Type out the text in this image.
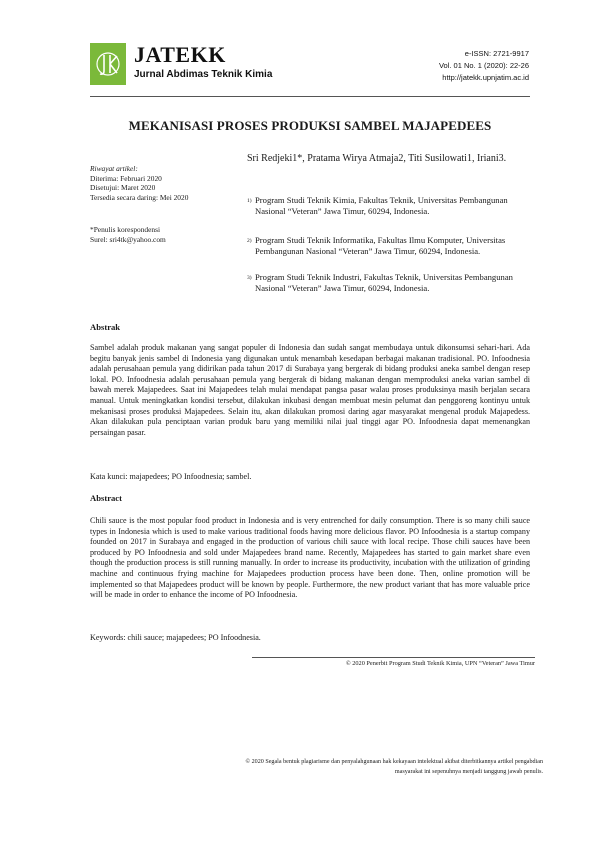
JATEKK
Jurnal Abdimas Teknik Kimia
e-ISSN: 2721-9917
Vol. 01 No. 1 (2020): 22-26
http://jatekk.upnjatim.ac.id
MEKANISASI PROSES PRODUKSI SAMBEL MAJAPEDEES
Riwayat artikel:
Diterima: Februari 2020
Disetujui: Maret 2020
Tersedia secara daring: Mei 2020
*Penulis korespondensi
Surel: sri4tk@yahoo.com
Sri Redjeki1*, Pratama Wirya Atmaja2, Titi Susilowati1, Iriani3.
1) Program Studi Teknik Kimia, Fakultas Teknik, Universitas Pembangunan Nasional “Veteran” Jawa Timur, 60294, Indonesia.
2) Program Studi Teknik Informatika, Fakultas Ilmu Komputer, Universitas Pembangunan Nasional “Veteran” Jawa Timur, 60294, Indonesia.
3) Program Studi Teknik Industri, Fakultas Teknik, Universitas Pembangunan Nasional “Veteran” Jawa Timur, 60294, Indonesia.
Abstrak
Sambel adalah produk makanan yang sangat populer di Indonesia dan sudah sangat membudaya untuk dikonsumsi sehari-hari. Ada begitu banyak jenis sambel di Indonesia yang digunakan untuk menambah kesedapan berbagai makanan tradisional. PO. Infoodnesia adalah perusahaan pemula yang didirikan pada tahun 2017 di Surabaya yang bergerak di bidang produksi aneka sambel dengan resep lokal. PO. Infoodnesia adalah perusahaan pemula yang bergerak di bidang makanan dengan memproduksi aneka varian sambel di bawah merek Majapedees. Saat ini Majapedees telah mulai mendapat pangsa pasar walau proses produksinya masih berjalan secara manual. Untuk meningkatkan kondisi tersebut, dilakukan inkubasi dengan membuat mesin pelumat dan penggoreng kontinyu untuk mekanisasi proses produksi Majapedees. Selain itu, akan dilakukan promosi daring agar masyarakat mengenal produk Majapedess. Akan dilakukan pula penciptaan varian produk baru yang memiliki nilai jual tinggi agar PO. Infoodnesia dapat memenangkan persaingan pasar.
Kata kunci: majapedees; PO Infoodnesia; sambel.
Abstract
Chili sauce is the most popular food product in Indonesia and is very entrenched for daily consumption. There is so many chili sauce types in Indonesia which is used to make various traditional foods having more delicious flavor. PO Infoodnesia is a startup company founded on 2017 in Surabaya and engaged in the production of various chili sauce with local recipe. Those chili sauces have been produced by PO Infoodnesia and sold under Majapedees brand name. Recently, Majapedees has started to gain market share even though the production process is still running manually. In order to increase its productivity, incubation with the utilization of grinding machine and continuous frying machine for Majapedees production process have been done. Then, online promotion will be implemented so that Majapedees product will be known by people. Furthermore, the new product variant that has more valuable price will be made in order to enhance the income of PO Infoodnesia.
Keywords: chili sauce; majapedees; PO Infoodnesia.
© 2020 Penerbit Program Studi Teknik Kimia, UPN “Veteran” Jawa Timur
© 2020 Segala bentuk plagiarisme dan penyalahgunaan hak kekayaan intelektual akibat diterbitkannya artikel pengabdian masyarakat ini sepenuhnya menjadi tanggung jawab penulis.
